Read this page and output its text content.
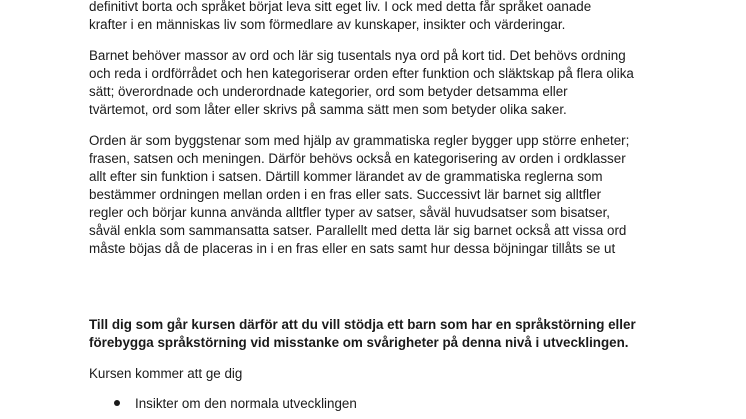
definitivt borta och språket börjat leva sitt eget liv. I ock med detta får språket oanade
krafter i en människas liv som förmedlare av kunskaper, insikter och värderingar.
Barnet behöver massor av ord och lär sig tusentals nya ord på kort tid. Det behövs ordning
och reda i ordförrådet och hen kategoriserar orden efter funktion och släktskap på flera olika
sätt; överordnade och underordnade kategorier, ord som betyder detsamma eller
tvärtemot, ord som låter eller skrivs på samma sätt men som betyder olika saker.
Orden är som byggstenar som med hjälp av grammatiska regler bygger upp större enheter;
frasen, satsen och meningen. Därför behövs också en kategorisering av orden i ordklasser
allt efter sin funktion i satsen. Därtill kommer lärandet av de grammatiska reglerna som
bestämmer ordningen mellan orden i en fras eller sats. Successivt lär barnet sig alltfler
regler och börjar kunna använda alltfler typer av satser, såväl huvudsatser som bisatser,
såväl enkla som sammansatta satser. Parallellt med detta lär sig barnet också att vissa ord
måste böjas då de placeras in i en fras eller en sats samt hur dessa böjningar tillåts se ut
Till dig som går kursen därför att du vill stödja ett barn som har en språkstörning eller
förebygga språkstörning vid misstanke om svårigheter på denna nivå i utvecklingen.
Kursen kommer att ge dig
Insikter om den normala utvecklingen
